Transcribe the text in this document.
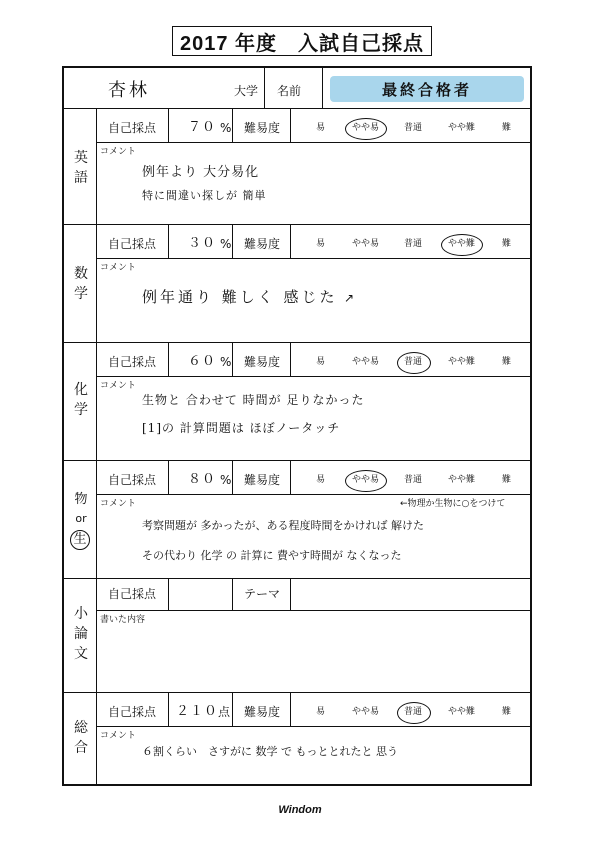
2017 年度　入試自己採点
杏林	大学 名前	最終合格者
英
語
自己採点 ７０ % 難易度	易	やや易	普通	やや難	難
コメント
例年より 大分易化
特に間違い探しが 簡単
数
学
自己採点 ３０ % 難易度	易	やや易	普通	やや難	難
コメント
例年通り 難しく 感じた ↗
化
学
自己採点 ６０ % 難易度	易	やや易	普通	やや難	難
コメント
生物と 合わせて 時間が 足りなかった
[1]の 計算問題は ほぼノータッチ
物
or
生
自己採点 ８０ % 難易度	易	やや易	普通	やや難	難
コメント	←物理か生物に○をつけて
考察問題が 多かったが、ある程度時間をかければ 解けた
その代わり 化学 の 計算に 費やす時間が なくなった
小
論
文
自己採点	テーマ
書いた内容
総
合
自己採点 ２１０ 点 難易度	易	やや易	普通	やや難	難
コメント
６割くらい　さすがに 数学 で もっととれたと 思う
Windom
